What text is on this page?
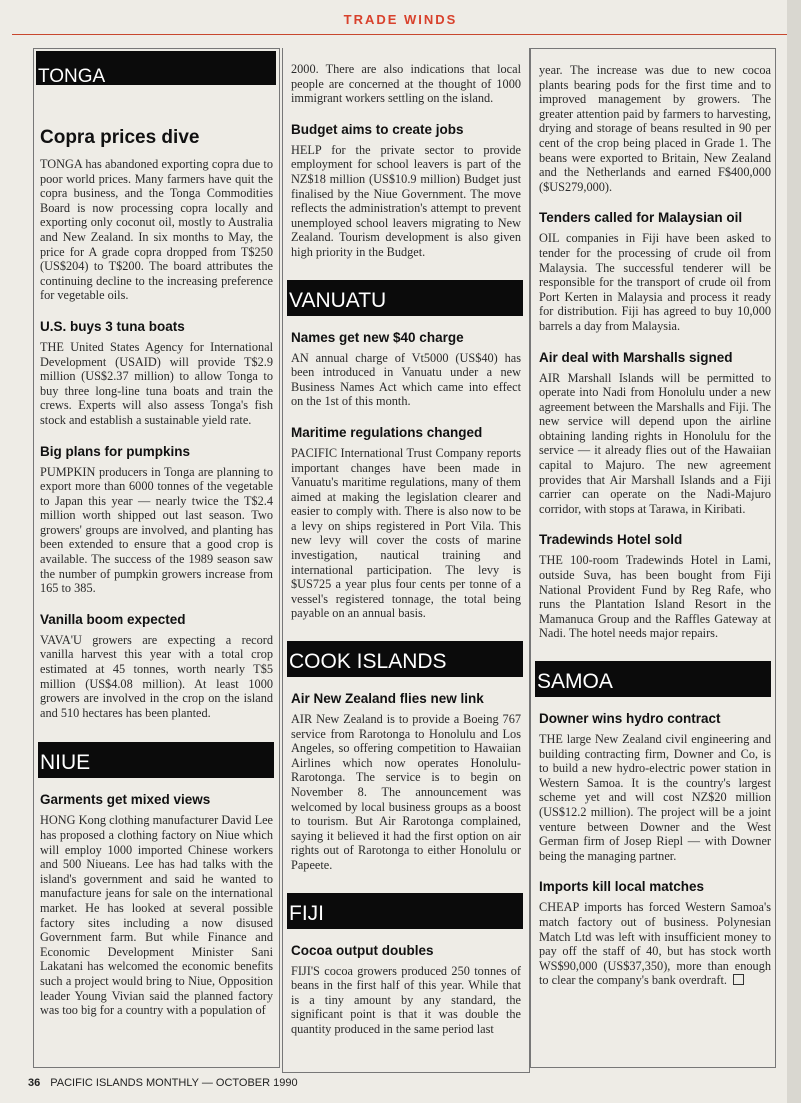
TRADE WINDS
TONGA
Copra prices dive

TONGA has abandoned exporting copra due to poor world prices. Many farmers have quit the copra business, and the Tonga Commodities Board is now processing copra locally and exporting only coconut oil, mostly to Australia and New Zealand. In six months to May, the price for A grade copra dropped from T$250 (US$204) to T$200. The board attributes the continuing decline to the increasing preference for vegetable oils.

U.S. buys 3 tuna boats

THE United States Agency for International Development (USAID) will provide T$2.9 million (US$2.37 million) to allow Tonga to buy three long-line tuna boats and train the crews. Experts will also assess Tonga's fish stock and establish a sustainable yield rate.

Big plans for pumpkins

PUMPKIN producers in Tonga are planning to export more than 6000 tonnes of the vegetable to Japan this year — nearly twice the T$2.4 million worth shipped out last season. Two growers' groups are involved, and planting has been extended to ensure that a good crop is available. The success of the 1989 season saw the number of pumpkin growers increase from 165 to 385.

Vanilla boom expected

VAVA'U growers are expecting a record vanilla harvest this year with a total crop estimated at 45 tonnes, worth nearly T$5 million (US$4.08 million). At least 1000 growers are involved in the crop on the island and 510 hectares has been planted.

NIUE
Garments get mixed views

HONG Kong clothing manufacturer David Lee has proposed a clothing factory on Niue which will employ 1000 imported Chinese workers and 500 Niueans. Lee has had talks with the island's government and said he wanted to manufacture jeans for sale on the international market. He has looked at several possible factory sites including a now disused Government farm. But while Finance and Economic Development Minister Sani Lakatani has welcomed the economic benefits such a project would bring to Niue, Opposition leader Young Vivian said the planned factory was too big for a country with a population of

2000. There are also indications that local people are concerned at the thought of 1000 immigrant workers settling on the island.

Budget aims to create jobs

HELP for the private sector to provide employment for school leavers is part of the NZ$18 million (US$10.9 million) Budget just finalised by the Niue Government. The move reflects the administration's attempt to prevent unemployed school leavers migrating to New Zealand. Tourism development is also given high priority in the Budget.

VANUATU
Names get new $40 charge

AN annual charge of Vt5000 (US$40) has been introduced in Vanuatu under a new Business Names Act which came into effect on the 1st of this month.

Maritime regulations changed

PACIFIC International Trust Company reports important changes have been made in Vanuatu's maritime regulations, many of them aimed at making the legislation clearer and easier to comply with. There is also now to be a levy on ships registered in Port Vila. This new levy will cover the costs of marine investigation, nautical training and international participation. The levy is $US725 a year plus four cents per tonne of a vessel's registered tonnage, the total being payable on an annual basis.

COOK ISLANDS
Air New Zealand flies new link

AIR New Zealand is to provide a Boeing 767 service from Rarotonga to Honolulu and Los Angeles, so offering competition to Hawaiian Airlines which now operates Honolulu-Rarotonga. The service is to begin on November 8. The announcement was welcomed by local business groups as a boost to tourism. But Air Rarotonga complained, saying it believed it had the first option on air rights out of Rarotonga to either Honolulu or Papeete.

FIJI
Cocoa output doubles

FIJI'S cocoa growers produced 250 tonnes of beans in the first half of this year. While that is a tiny amount by any standard, the significant point is that it was double the quantity produced in the same period last

year. The increase was due to new cocoa plants bearing pods for the first time and to improved management by growers. The greater attention paid by farmers to harvesting, drying and storage of beans resulted in 90 per cent of the crop being placed in Grade 1. The beans were exported to Britain, New Zealand and the Netherlands and earned F$400,000 ($US279,000).

Tenders called for Malaysian oil

OIL companies in Fiji have been asked to tender for the processing of crude oil from Malaysia. The successful tenderer will be responsible for the transport of crude oil from Port Kerten in Malaysia and process it ready for distribution. Fiji has agreed to buy 10,000 barrels a day from Malaysia.

Air deal with Marshalls signed

AIR Marshall Islands will be permitted to operate into Nadi from Honolulu under a new agreement between the Marshalls and Fiji. The new service will depend upon the airline obtaining landing rights in Honolulu for the service — it already flies out of the Hawaiian capital to Majuro. The new agreement provides that Air Marshall Islands and a Fiji carrier can operate on the Nadi-Majuro corridor, with stops at Tarawa, in Kiribati.

Tradewinds Hotel sold

THE 100-room Tradewinds Hotel in Lami, outside Suva, has been bought from Fiji National Provident Fund by Reg Rafe, who runs the Plantation Island Resort in the Mamanuca Group and the Raffles Gateway at Nadi. The hotel needs major repairs.

SAMOA
Downer wins hydro contract

THE large New Zealand civil engineering and building contracting firm, Downer and Co, is to build a new hydro-electric power station in Western Samoa. It is the country's largest scheme yet and will cost NZ$20 million (US$12.2 million). The project will be a joint venture between Downer and the West German firm of Josep Riepl — with Downer being the managing partner.

Imports kill local matches

CHEAP imports has forced Western Samoa's match factory out of business. Polynesian Match Ltd was left with insufficient money to pay off the staff of 40, but has stock worth WS$90,000 (US$37,350), more than enough to clear the company's bank overdraft.

36 PACIFIC ISLANDS MONTHLY — OCTOBER 1990
